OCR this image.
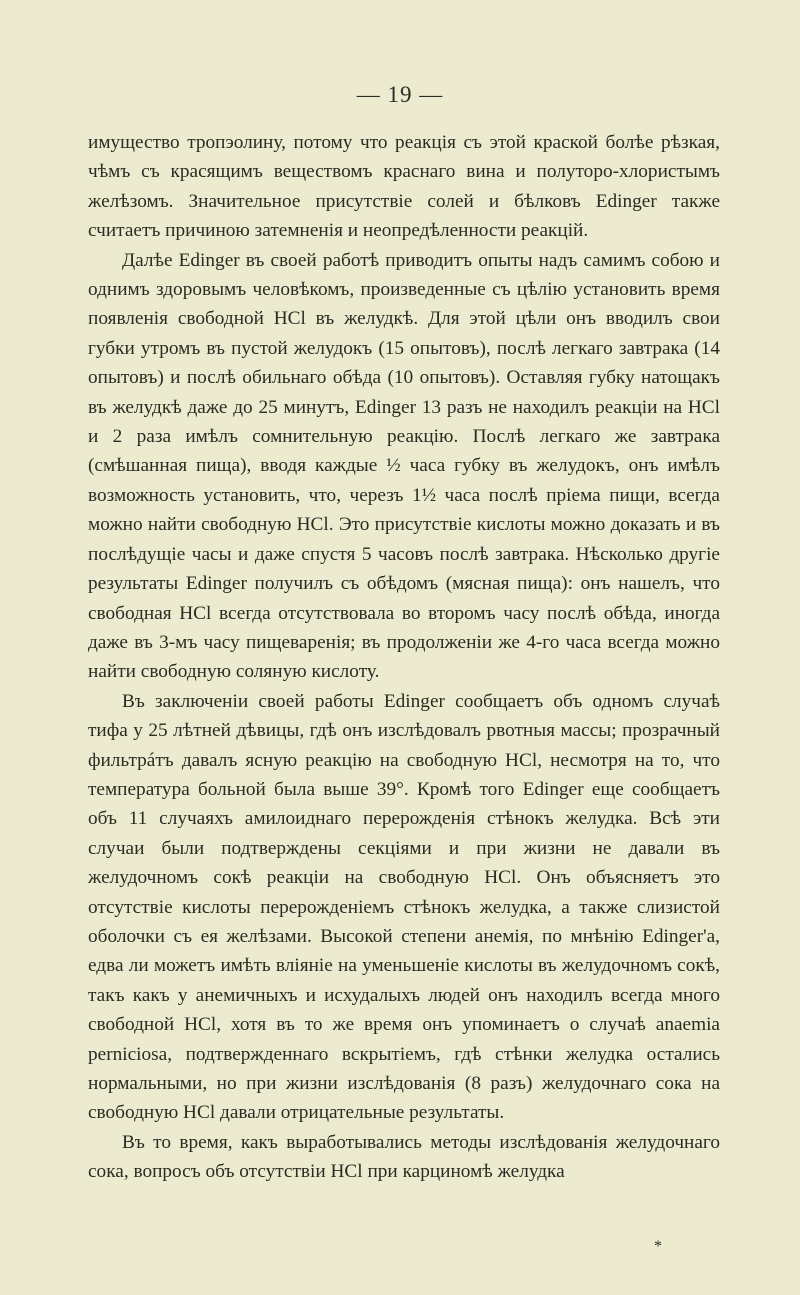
— 19 —

имущество тропэолину, потому что реакція съ этой краской болѣе рѣзкая, чѣмъ съ красящимъ веществомъ краснаго вина и полуторо-хлористымъ желѣзомъ. Значительное присутствіе солей и бѣлковъ Edinger также считаетъ причиною затемненія и неопредѣленности реакцій.

Далѣе Edinger въ своей работѣ приводитъ опыты надъ самимъ собою и однимъ здоровымъ человѣкомъ, произведенные съ цѣлію установить время появленія свободной HCl въ желудкѣ. Для этой цѣли онъ вводилъ свои губки утромъ въ пустой желудокъ (15 опытовъ), послѣ легкаго завтрака (14 опытовъ) и послѣ обильнаго обѣда (10 опытовъ). Оставляя губку натощакъ въ желудкѣ даже до 25 минутъ, Edinger 13 разъ не находилъ реакціи на HCl и 2 раза имѣлъ сомнительную реакцію. Послѣ легкаго же завтрака (смѣшанная пища), вводя каждые ½ часа губку въ желудокъ, онъ имѣлъ возможность установить, что, черезъ 1½ часа послѣ пріема пищи, всегда можно найти свободную HCl. Это присутствіе кислоты можно доказать и въ послѣдущіе часы и даже спустя 5 часовъ послѣ завтрака. Нѣсколько другіе результаты Edinger получилъ съ обѣдомъ (мясная пища): онъ нашелъ, что свободная HCl всегда отсутствовала во второмъ часу послѣ обѣда, иногда даже въ 3-мъ часу пищеваренія; въ продолженіи же 4-го часа всегда можно найти свободную соляную кислоту.

Въ заключеніи своей работы Edinger сообщаетъ объ одномъ случаѣ тифа у 25 лѣтней дѣвицы, гдѣ онъ изслѣдовалъ рвотныя массы; прозрачный фильтрáтъ давалъ ясную реакцію на свободную HCl, несмотря на то, что температура больной была выше 39°. Кромѣ того Edinger еще сообщаетъ объ 11 случаяхъ амилоиднаго перерожденія стѣнокъ желудка. Всѣ эти случаи были подтверждены секціями и при жизни не давали въ желудочномъ сокѣ реакціи на свободную HCl. Онъ объясняетъ это отсутствіе кислоты перерожденіемъ стѣнокъ желудка, а также слизистой оболочки съ ея желѣзами. Высокой степени анемія, по мнѣнію Edinger'а, едва ли можетъ имѣть вліяніе на уменьшеніе кислоты въ желудочномъ сокѣ, такъ какъ у анемичныхъ и исхудалыхъ людей онъ находилъ всегда много свободной HCl, хотя въ то же время онъ упоминаетъ о случаѣ anaemia perniciosa, подтвержденнаго вскрытіемъ, гдѣ стѣнки желудка остались нормальными, но при жизни изслѣдованія (8 разъ) желудочнаго сока на свободную HCl давали отрицательные результаты.

Въ то время, какъ выработывались методы изслѣдованія желудочнаго сока, вопросъ объ отсутствіи HCl при карциномѣ желудка

*
